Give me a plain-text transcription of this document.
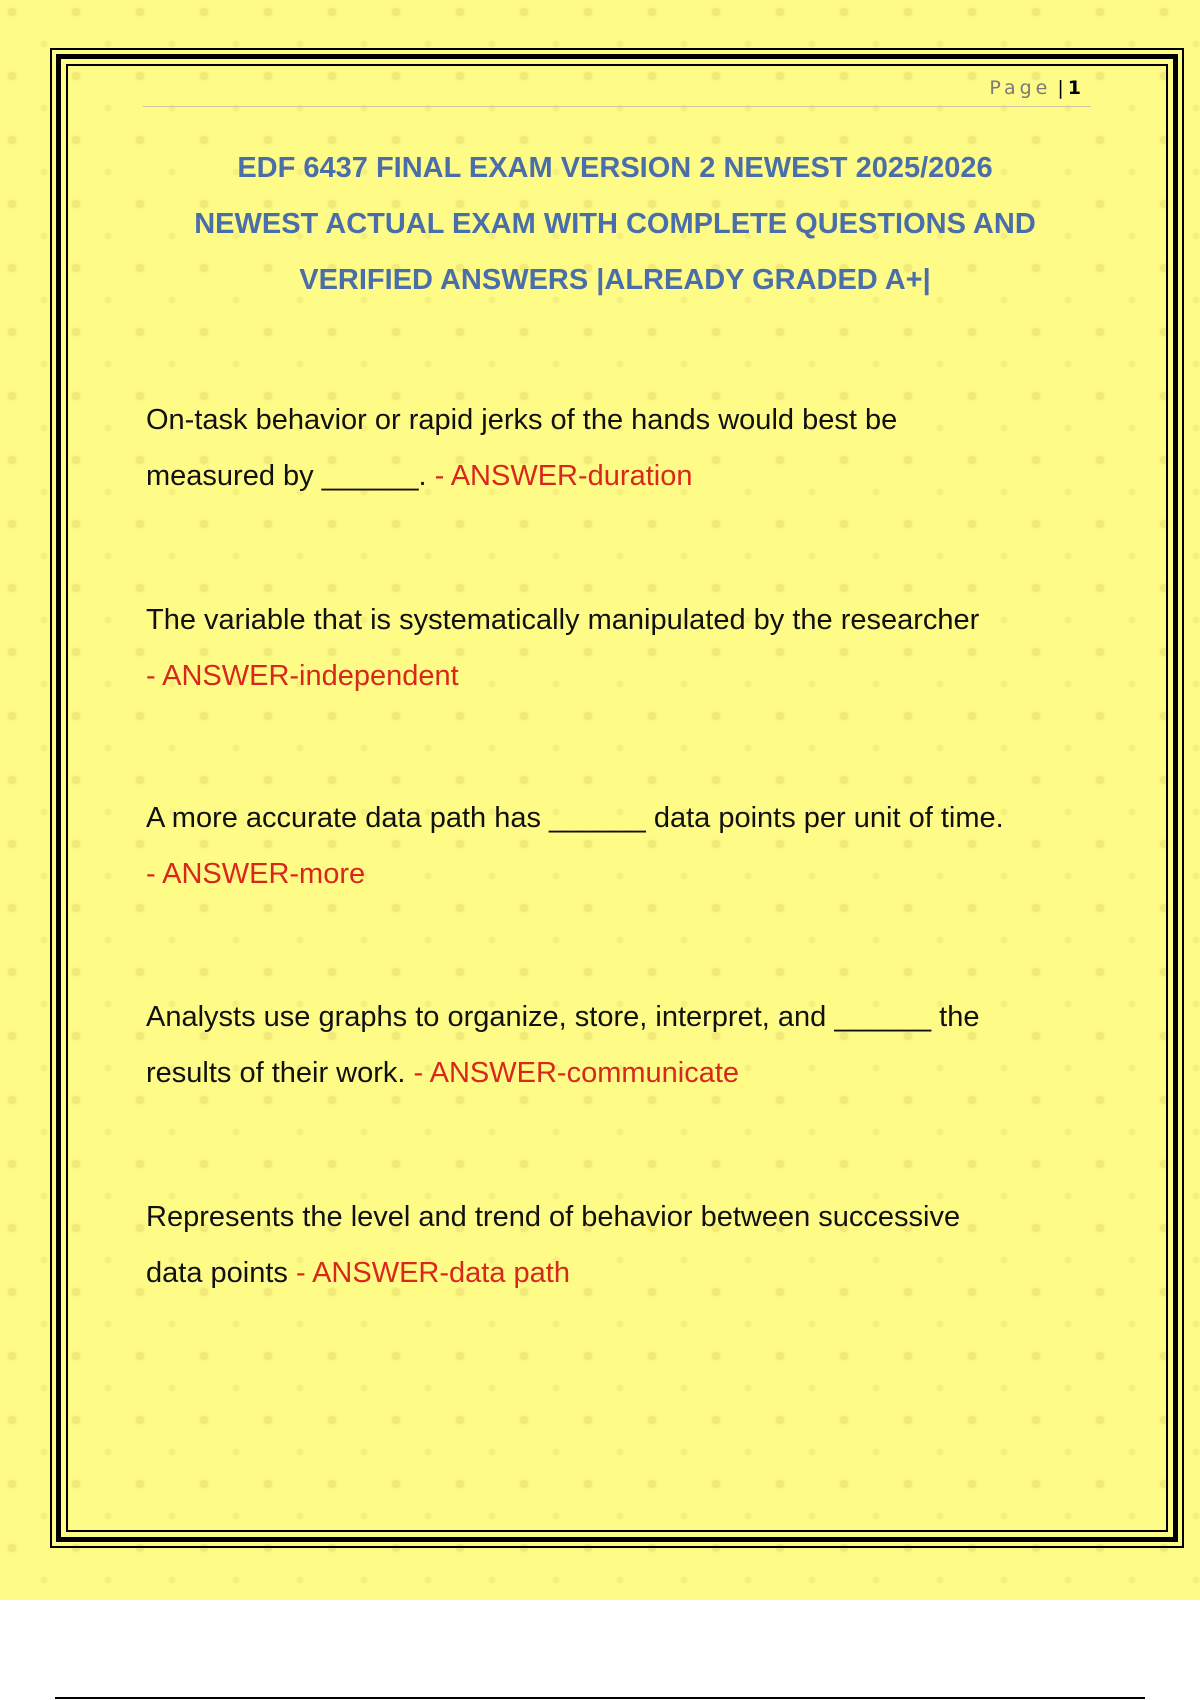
Page | 1
EDF 6437 FINAL EXAM VERSION 2 NEWEST 2025/2026
NEWEST ACTUAL EXAM WITH COMPLETE QUESTIONS AND
VERIFIED ANSWERS |ALREADY GRADED A+|
On-task behavior or rapid jerks of the hands would best be
measured by ______. - ANSWER-duration
The variable that is systematically manipulated by the researcher
- ANSWER-independent
A more accurate data path has ______ data points per unit of time.
- ANSWER-more
Analysts use graphs to organize, store, interpret, and ______ the
results of their work. - ANSWER-communicate
Represents the level and trend of behavior between successive
data points - ANSWER-data path
